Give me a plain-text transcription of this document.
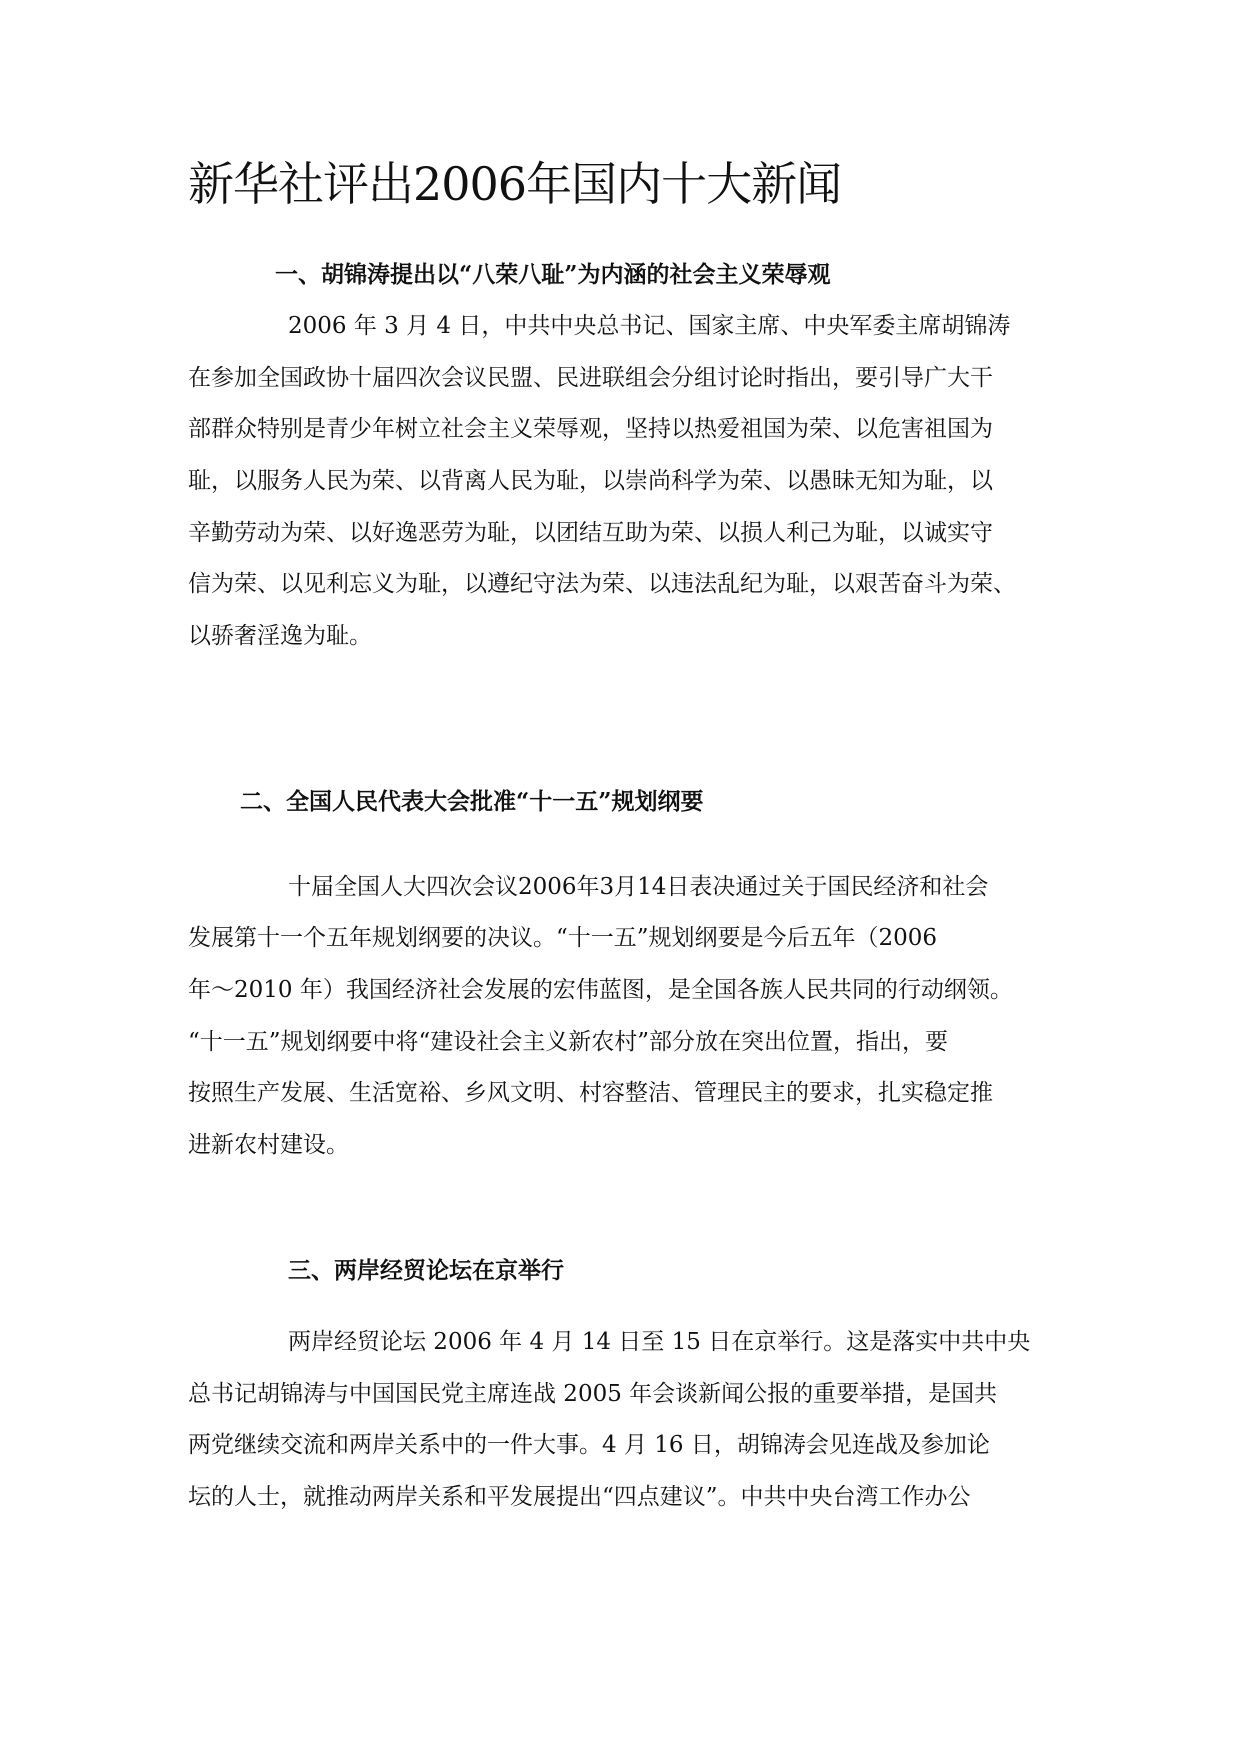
新华社评出2006年国内十大新闻
一、胡锦涛提出以“八荣八耻”为内涵的社会主义荣辱观

2006 年 3 月 4 日，中共中央总书记、国家主席、中央军委主席胡锦涛

在参加全国政协十届四次会议民盟、民进联组会分组讨论时指出，要引导广大干

部群众特别是青少年树立社会主义荣辱观，坚持以热爱祖国为荣、以危害祖国为

耻，以服务人民为荣、以背离人民为耻，以崇尚科学为荣、以愚昧无知为耻，以

辛勤劳动为荣、以好逸恶劳为耻，以团结互助为荣、以损人利己为耻，以诚实守

信为荣、以见利忘义为耻，以遵纪守法为荣、以违法乱纪为耻，以艰苦奋斗为荣、

以骄奢淫逸为耻。

二、全国人民代表大会批准“十一五”规划纲要

十届全国人大四次会议2006年3月14日表决通过关于国民经济和社会

发展第十一个五年规划纲要的决议。“十一五”规划纲要是今后五年（2006

年～2010 年）我国经济社会发展的宏伟蓝图，是全国各族人民共同的行动纲领。

“十一五”规划纲要中将“建设社会主义新农村”部分放在突出位置，指出，要

按照生产发展、生活宽裕、乡风文明、村容整洁、管理民主的要求，扎实稳定推

进新农村建设。

三、两岸经贸论坛在京举行

两岸经贸论坛 2006 年 4 月 14 日至 15 日在京举行。这是落实中共中央

总书记胡锦涛与中国国民党主席连战 2005 年会谈新闻公报的重要举措，是国共

两党继续交流和两岸关系中的一件大事。4 月 16 日，胡锦涛会见连战及参加论

坛的人士，就推动两岸关系和平发展提出“四点建议”。中共中央台湾工作办公
